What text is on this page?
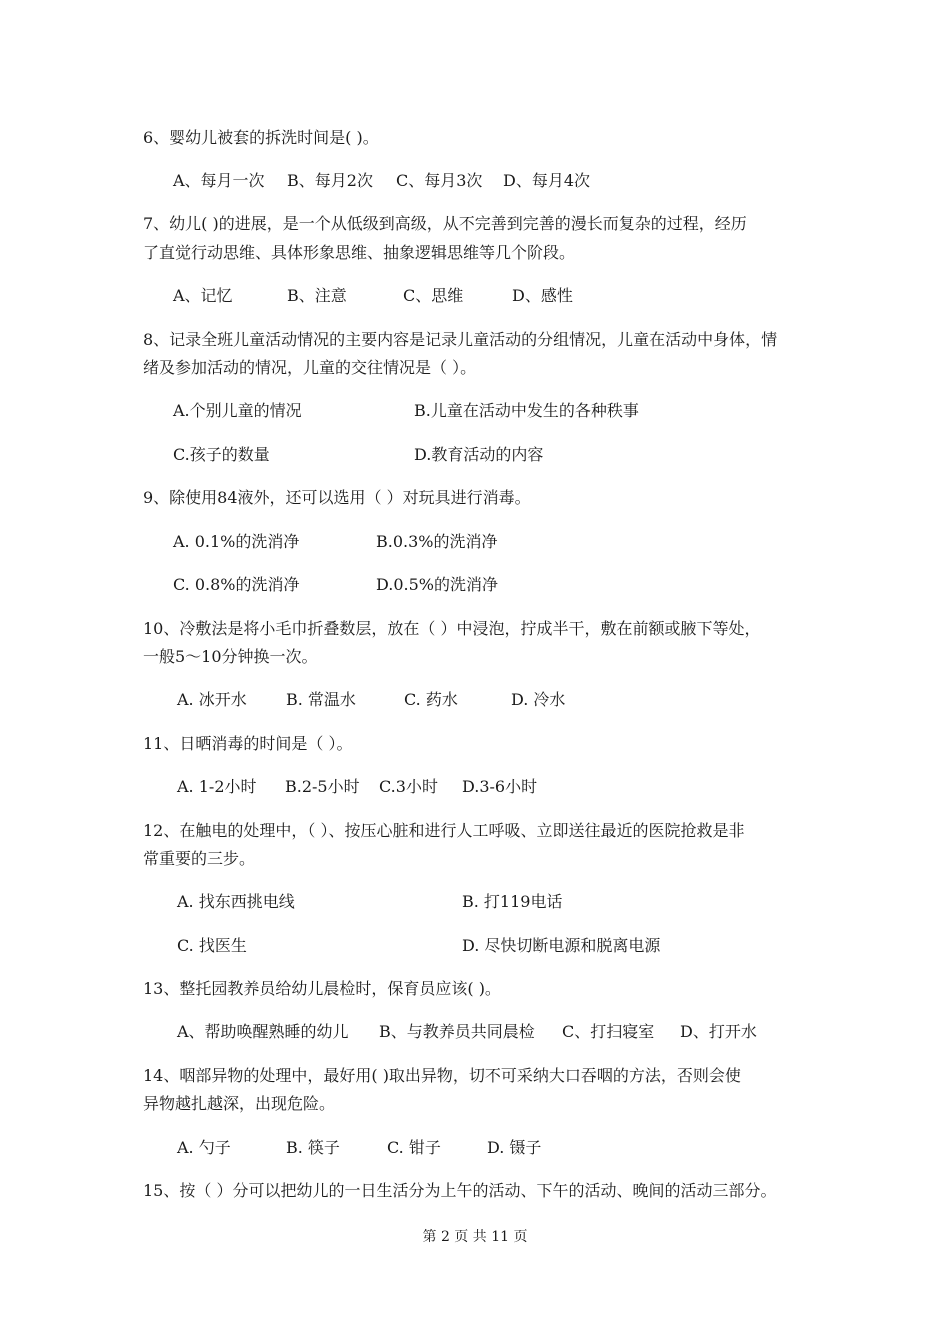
6、婴幼儿被套的拆洗时间是( )。
A、每月一次 B、每月2次 C、每月3次 D、每月4次
7、幼儿( )的进展，是一个从低级到高级，从不完善到完善的漫长而复杂的过程，经历
了直觉行动思维、具体形象思维、抽象逻辑思维等几个阶段。
A、记忆	B、注意	C、思维	D、感性
8、记录全班儿童活动情况的主要内容是记录儿童活动的分组情况，儿童在活动中身体，情
绪及参加活动的情况，儿童的交往情况是（ ）。
A.个别儿童的情况	B.儿童在活动中发生的各种秩事
C.孩子的数量	D.教育活动的内容
9、除使用84液外，还可以选用（ ）对玩具进行消毒。
A. 0.1%的洗消净	B.0.3%的洗消净
C. 0.8%的洗消净	D.0.5%的洗消净
10、冷敷法是将小毛巾折叠数层，放在（ ）中浸泡，拧成半干，敷在前额或腋下等处，
一般5～10分钟换一次。
A. 冰开水 B. 常温水	C. 药水	D. 冷水
11、日晒消毒的时间是（ ）。
A. 1-2小时 B.2-5小时 C.3小时 D.3-6小时
12、在触电的处理中，（ ）、按压心脏和进行人工呼吸、立即送往最近的医院抢救是非
常重要的三步。
A. 找东西挑电线	B. 打119电话
C. 找医生	D. 尽快切断电源和脱离电源
13、整托园教养员给幼儿晨检时，保育员应该( )。
A、帮助唤醒熟睡的幼儿 B、与教养员共同晨检 C、打扫寝室 D、打开水
14、咽部异物的处理中，最好用( )取出异物，切不可采纳大口吞咽的方法，否则会使
异物越扎越深，出现危险。
A. 勺子	B. 筷子	C. 钳子	D. 镊子
15、按（ ）分可以把幼儿的一日生活分为上午的活动、下午的活动、晚间的活动三部分。
第 2 页 共 11 页
